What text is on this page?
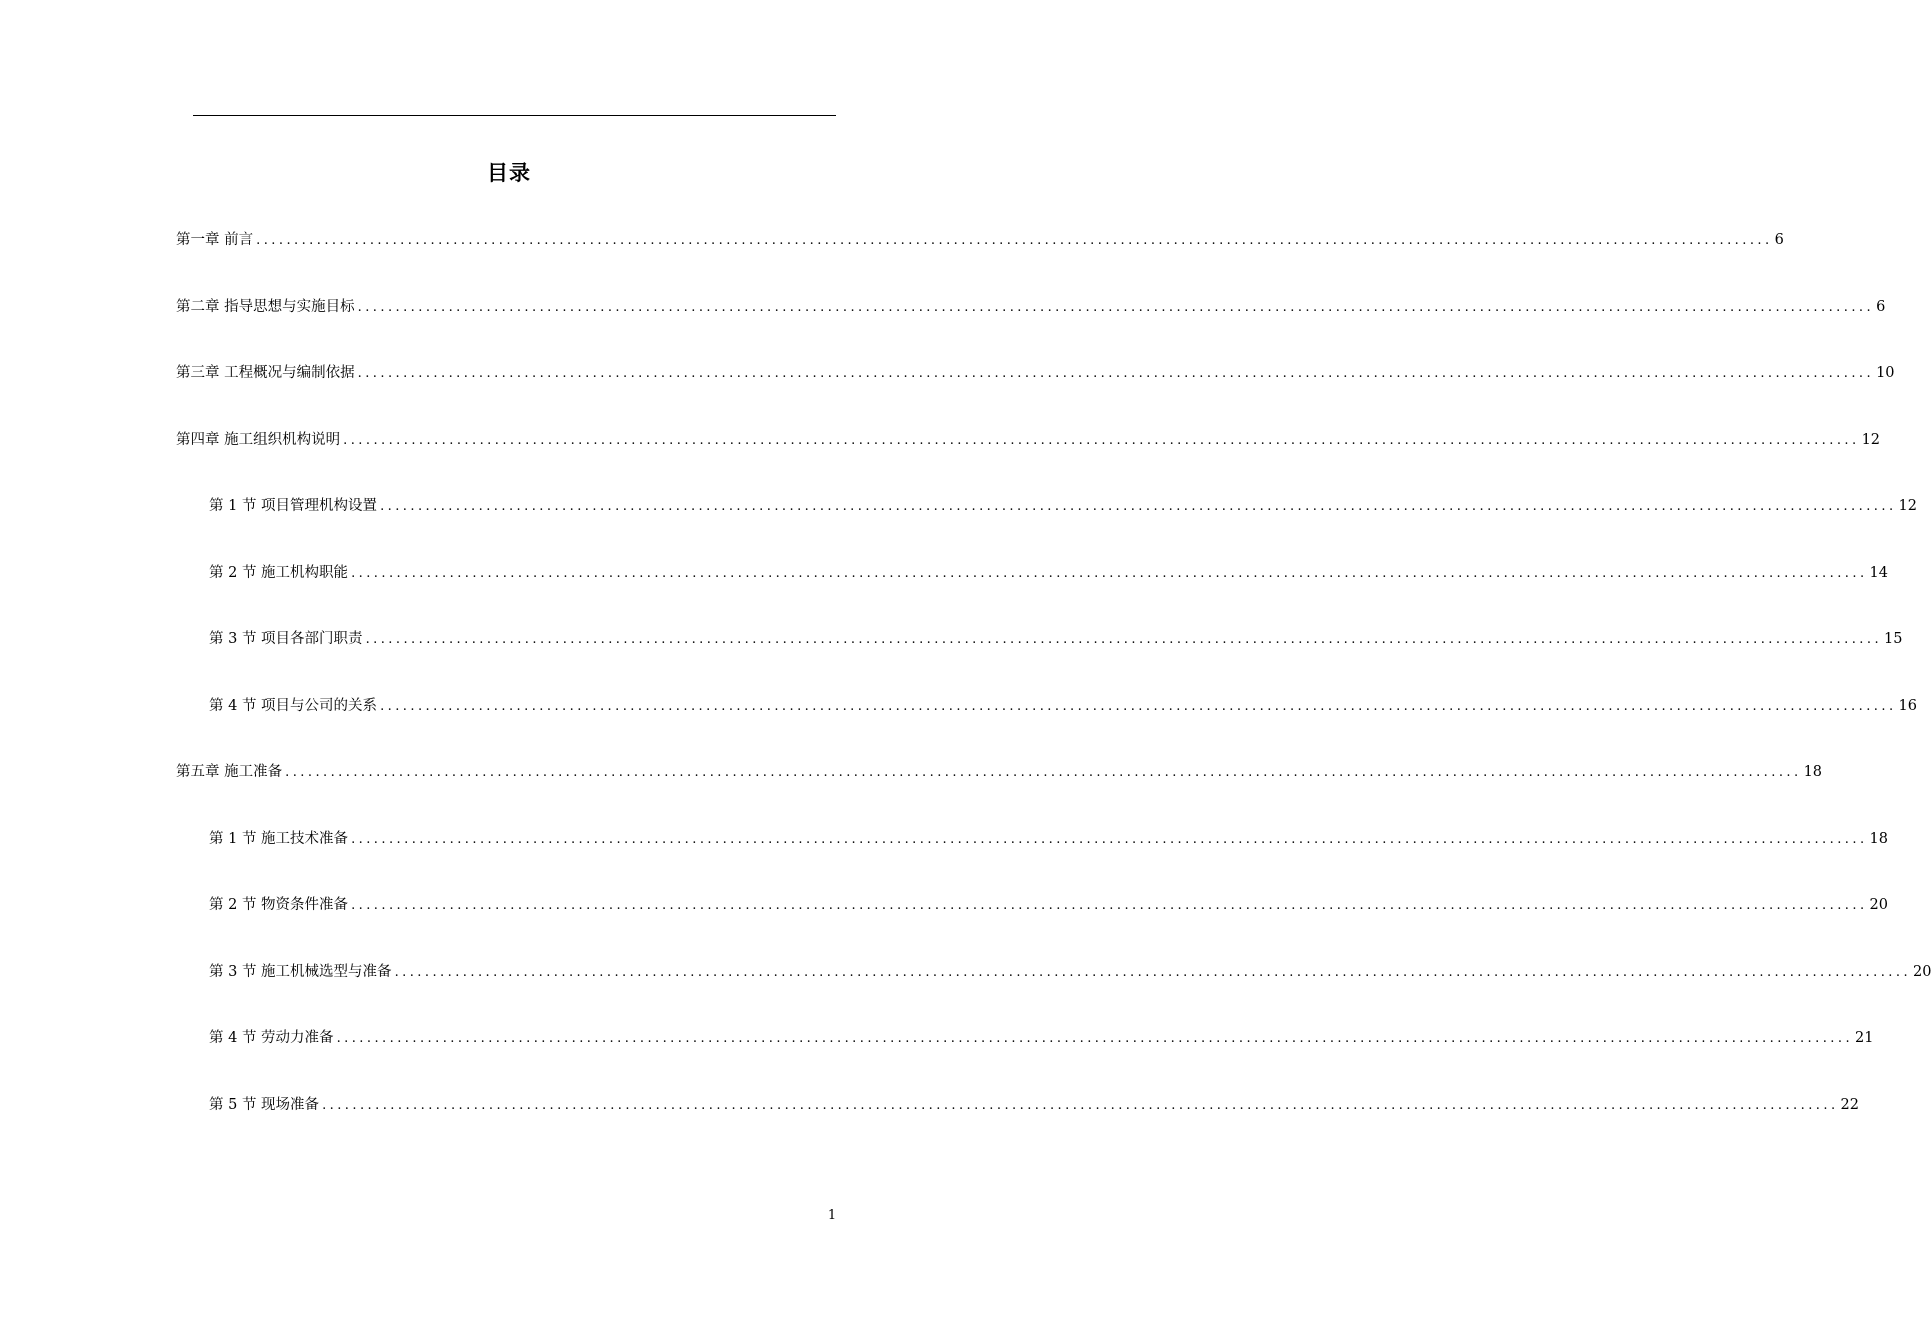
目录
第一章 前言 ........................................................................................................................................................................................................ 6
第二章 指导思想与实施目标 ........................................................................................................................................................................................................ 6
第三章 工程概况与编制依据 ........................................................................................................................................................................................................ 10
第四章 施工组织机构说明 ........................................................................................................................................................................................................ 12
第 1 节 项目管理机构设置 ........................................................................................................................................................................................................ 12
第 2 节 施工机构职能 ........................................................................................................................................................................................................ 14
第 3 节 项目各部门职责 ........................................................................................................................................................................................................ 15
第 4 节 项目与公司的关系 ........................................................................................................................................................................................................ 16
第五章 施工准备 ........................................................................................................................................................................................................ 18
第 1 节 施工技术准备 ........................................................................................................................................................................................................ 18
第 2 节 物资条件准备 ........................................................................................................................................................................................................ 20
第 3 节 施工机械选型与准备 ........................................................................................................................................................................................................ 20
第 4 节 劳动力准备 ........................................................................................................................................................................................................ 21
第 5 节 现场准备 ........................................................................................................................................................................................................ 22
1
